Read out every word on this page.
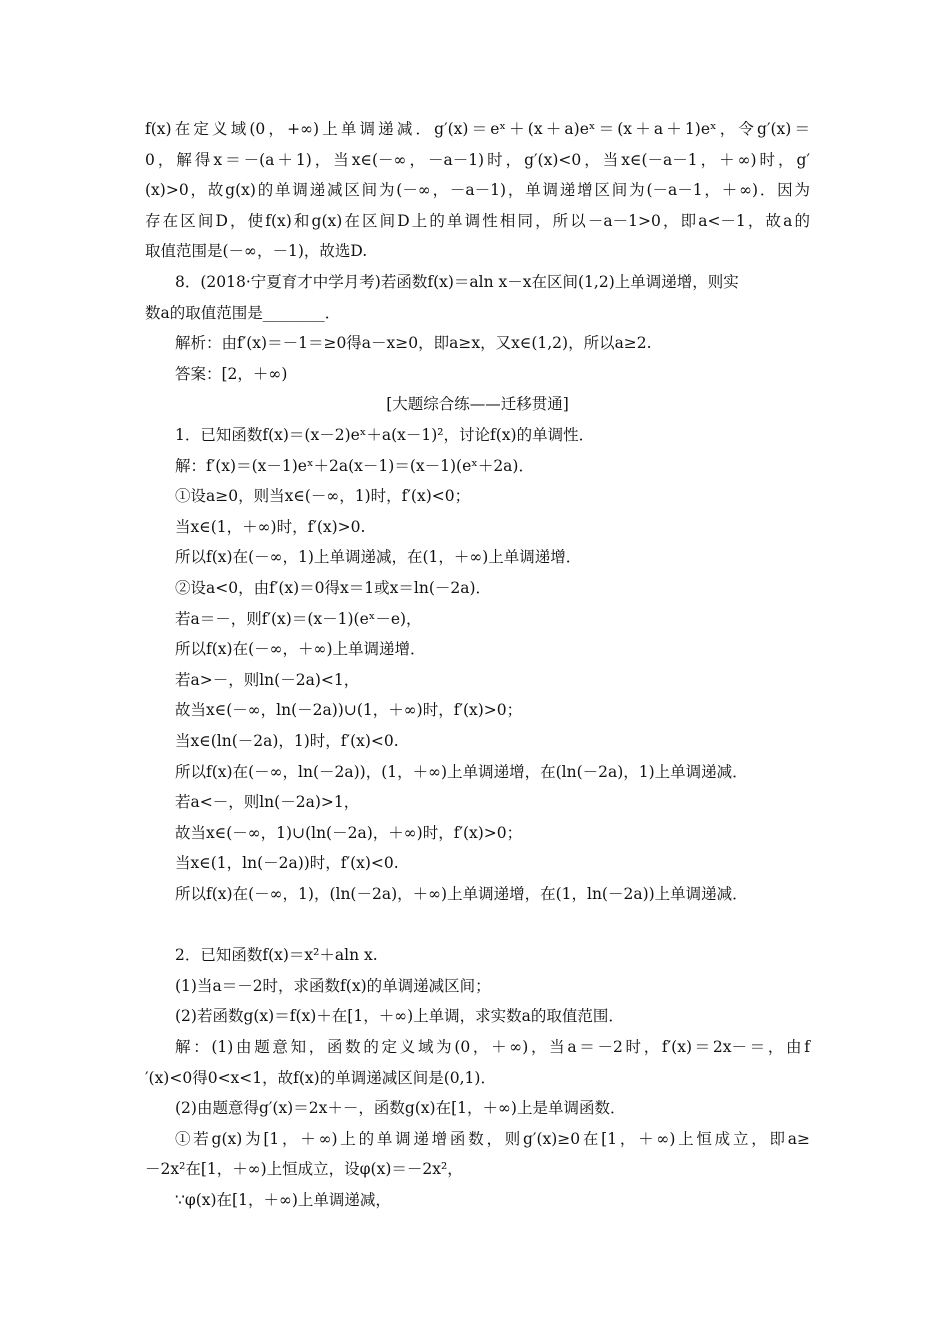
f(x)在定义域(0，+∞)上单调递减．g′(x)＝eˣ＋(x＋a)eˣ＝(x＋a＋1)eˣ，令g′(x)＝
0，解得x＝－(a＋1)，当x∈(－∞，－a－1)时，g′(x)<0，当x∈(－a－1，＋∞)时，g′
(x)>0，故g(x)的单调递减区间为(－∞，－a－1)，单调递增区间为(－a－1，＋∞)．因为
存在区间D，使f(x)和g(x)在区间D上的单调性相同，所以－a－1>0，即a<－1，故a的
取值范围是(－∞，－1)，故选D.
8．(2018·宁夏育才中学月考)若函数f(x)＝aln x－x在区间(1,2)上单调递增，则实
数a的取值范围是________．
解析：由f′(x)＝－1＝≥0得a－x≥0，即a≥x，又x∈(1,2)，所以a≥2.
答案：[2，＋∞)
[大题综合练——迁移贯通]
1．已知函数f(x)＝(x－2)eˣ＋a(x－1)²，讨论f(x)的单调性．
解：f′(x)＝(x－1)eˣ＋2a(x－1)＝(x－1)(eˣ＋2a)．
①设a≥0，则当x∈(－∞，1)时，f′(x)<0；
当x∈(1，＋∞)时，f′(x)>0.
所以f(x)在(－∞，1)上单调递减，在(1，＋∞)上单调递增．
②设a<0，由f′(x)＝0得x＝1或x＝ln(－2a)．
若a＝－，则f′(x)＝(x－1)(eˣ－e)，
所以f(x)在(－∞，＋∞)上单调递增．
若a>－，则ln(－2a)<1，
故当x∈(－∞，ln(－2a))∪(1，＋∞)时，f′(x)>0；
当x∈(ln(－2a)，1)时，f′(x)<0.
所以f(x)在(－∞，ln(－2a))，(1，＋∞)上单调递增，在(ln(－2a)，1)上单调递减．
若a<－，则ln(－2a)>1，
故当x∈(－∞，1)∪(ln(－2a)，＋∞)时，f′(x)>0；
当x∈(1，ln(－2a))时，f′(x)<0.
所以f(x)在(－∞，1)，(ln(－2a)，＋∞)上单调递增，在(1，ln(－2a))上单调递减．
2．已知函数f(x)＝x²＋aln x.
(1)当a＝－2时，求函数f(x)的单调递减区间；
(2)若函数g(x)＝f(x)＋在[1，＋∞)上单调，求实数a的取值范围．
解：(1)由题意知，函数的定义域为(0，＋∞)，当a＝－2时，f′(x)＝2x－＝，由f
′(x)<0得0<x<1，故f(x)的单调递减区间是(0,1)．
(2)由题意得g′(x)＝2x＋－，函数g(x)在[1，＋∞)上是单调函数．
①若g(x)为[1，＋∞)上的单调递增函数，则g′(x)≥0在[1，＋∞)上恒成立，即a≥
－2x²在[1，＋∞)上恒成立，设φ(x)＝－2x²，
∵φ(x)在[1，＋∞)上单调递减，
